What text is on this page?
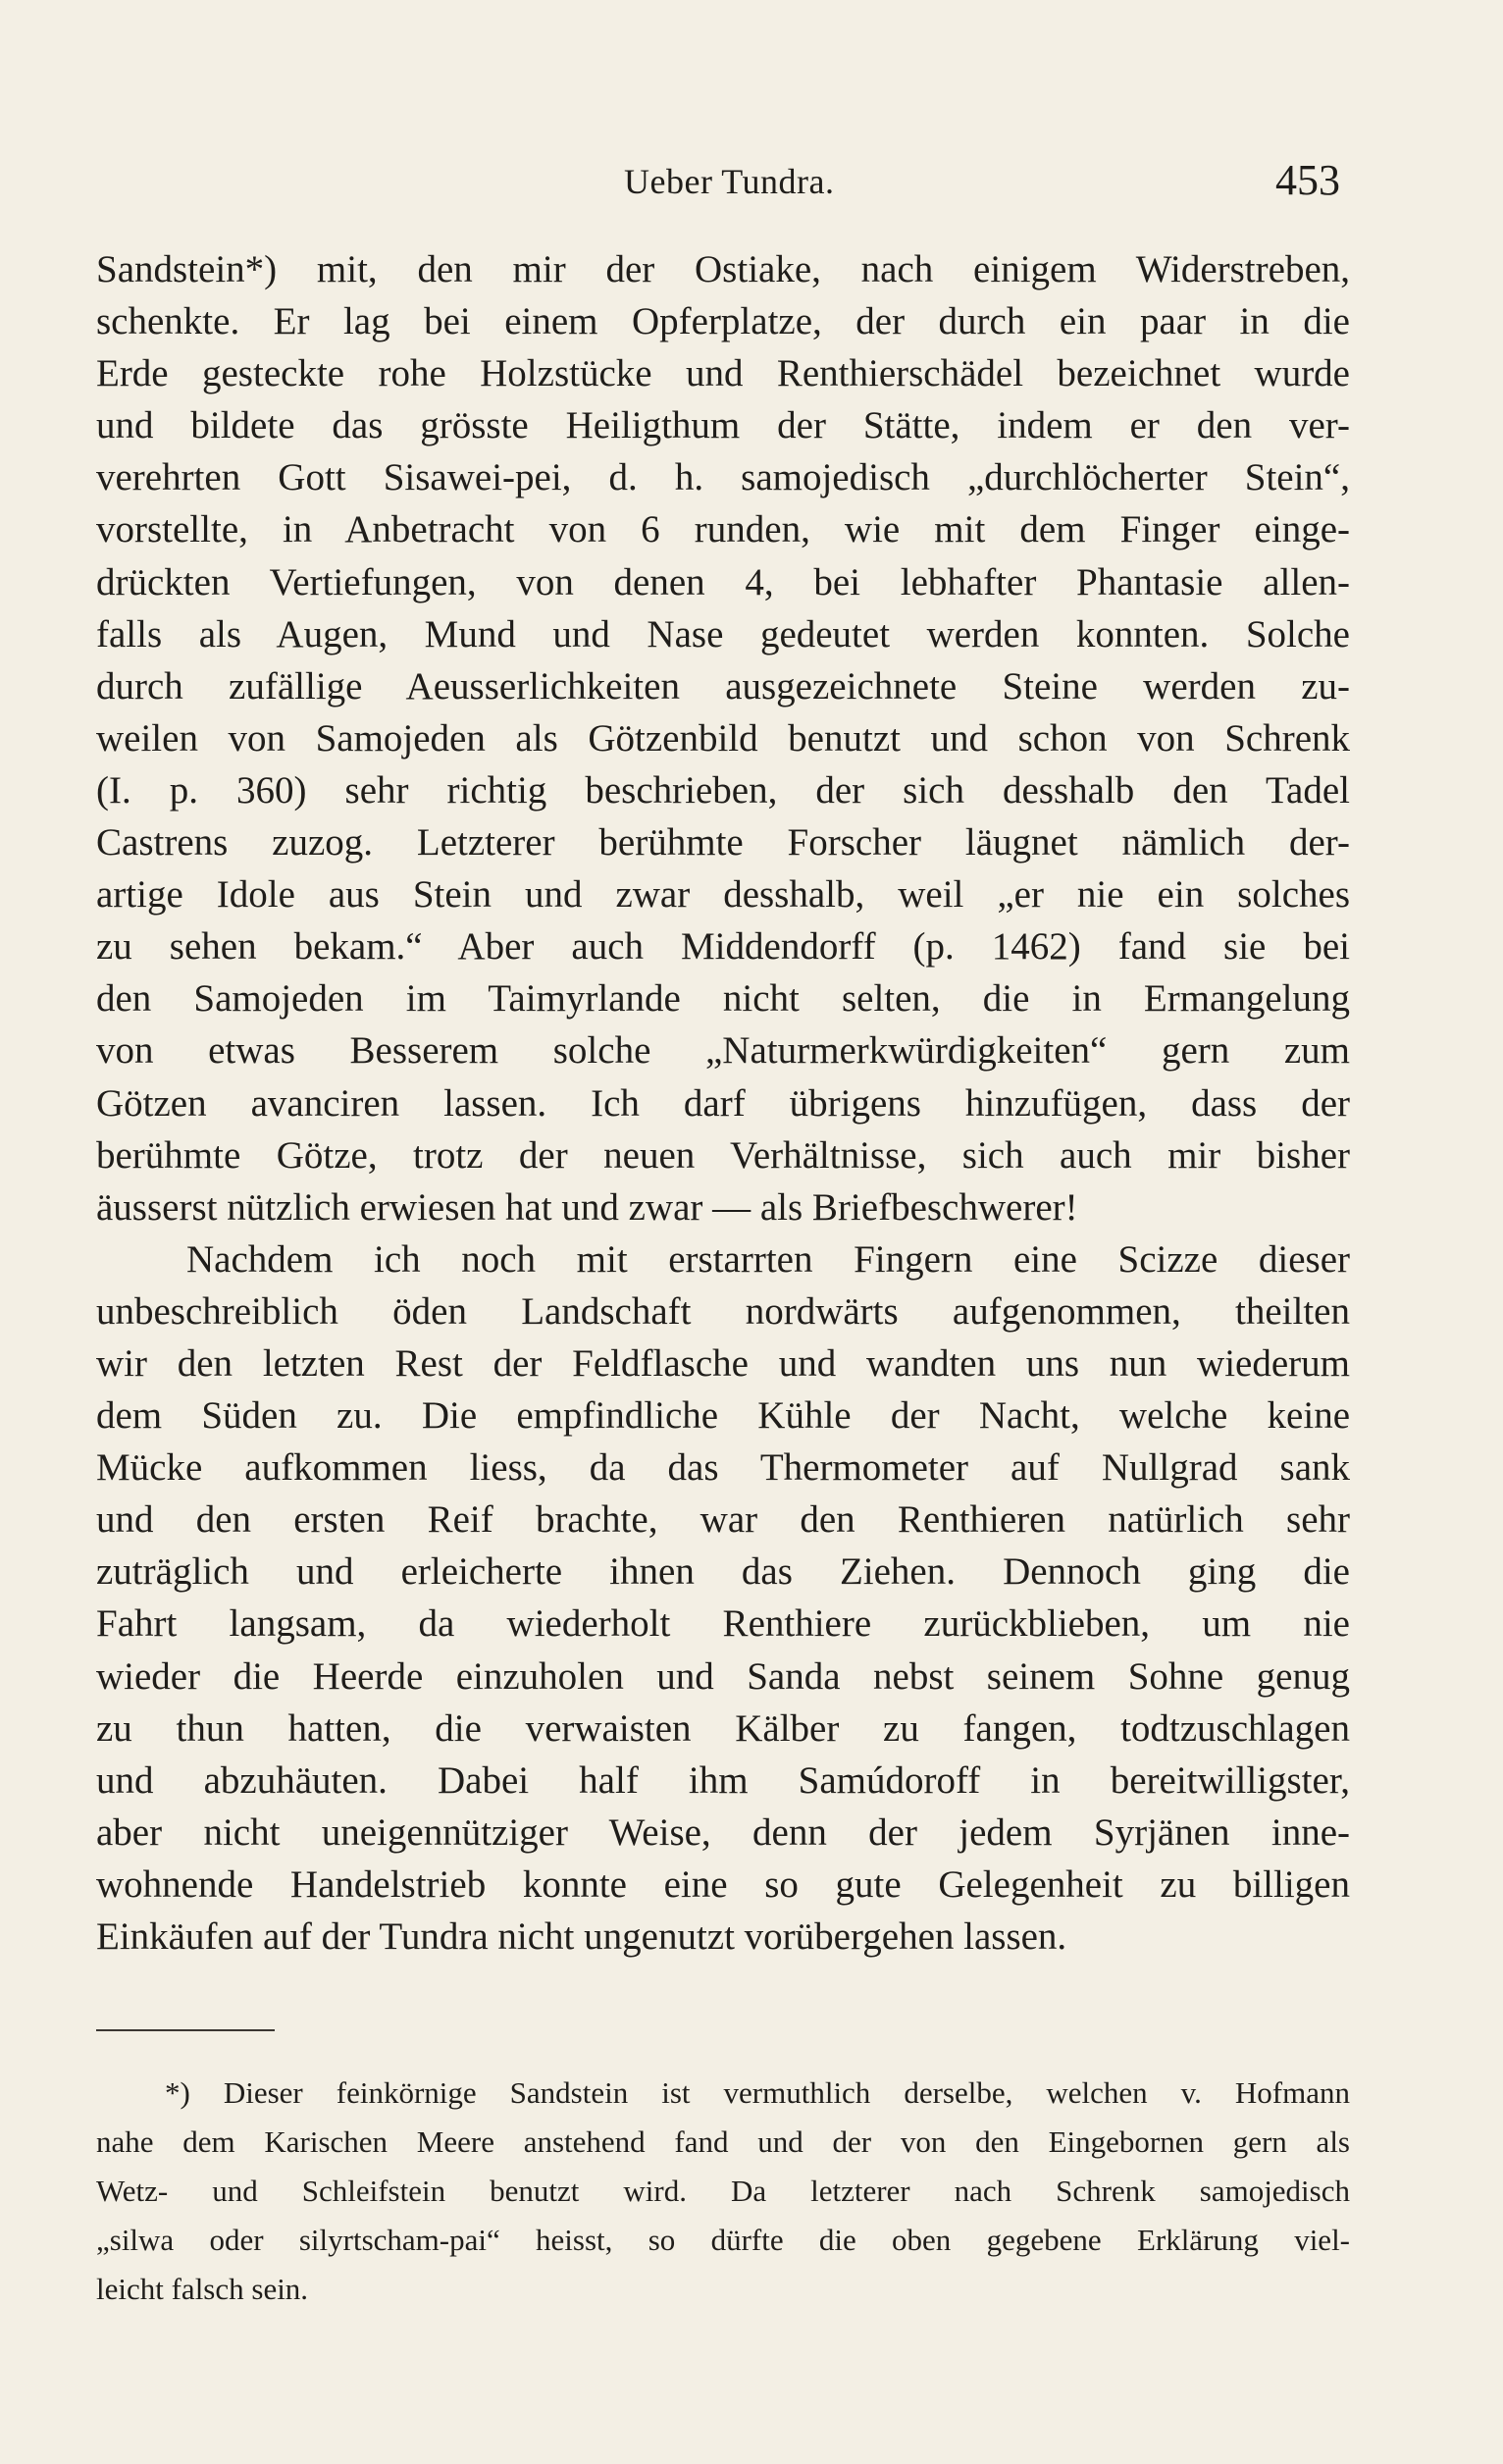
Ueber Tundra.	453
Sandstein*) mit, den mir der Ostiake, nach einigem Widerstreben,
schenkte. Er lag bei einem Opferplatze, der durch ein paar in die
Erde gesteckte rohe Holzstücke und Renthierschädel bezeichnet wurde
und bildete das grösste Heiligthum der Stätte, indem er den ver-
verehrten Gott Sisawei-pei, d. h. samojedisch „durchlöcherter Stein“,
vorstellte, in Anbetracht von 6 runden, wie mit dem Finger einge-
drückten Vertiefungen, von denen 4, bei lebhafter Phantasie allen-
falls als Augen, Mund und Nase gedeutet werden konnten. Solche
durch zufällige Aeusserlichkeiten ausgezeichnete Steine werden zu-
weilen von Samojeden als Götzenbild benutzt und schon von Schrenk
(I. p. 360) sehr richtig beschrieben, der sich desshalb den Tadel
Castrens zuzog. Letzterer berühmte Forscher läugnet nämlich der-
artige Idole aus Stein und zwar desshalb, weil „er nie ein solches
zu sehen bekam.“ Aber auch Middendorff (p. 1462) fand sie bei
den Samojeden im Taimyrlande nicht selten, die in Ermangelung
von etwas Besserem solche „Naturmerkwürdigkeiten“ gern zum
Götzen avanciren lassen. Ich darf übrigens hinzufügen, dass der
berühmte Götze, trotz der neuen Verhältnisse, sich auch mir bisher
äusserst nützlich erwiesen hat und zwar — als Briefbeschwerer!
Nachdem ich noch mit erstarrten Fingern eine Scizze dieser
unbeschreiblich öden Landschaft nordwärts aufgenommen, theilten
wir den letzten Rest der Feldflasche und wandten uns nun wiederum
dem Süden zu. Die empfindliche Kühle der Nacht, welche keine
Mücke aufkommen liess, da das Thermometer auf Nullgrad sank
und den ersten Reif brachte, war den Renthieren natürlich sehr
zuträglich und erleicherte ihnen das Ziehen. Dennoch ging die
Fahrt langsam, da wiederholt Renthiere zurückblieben, um nie
wieder die Heerde einzuholen und Sanda nebst seinem Sohne genug
zu thun hatten, die verwaisten Kälber zu fangen, todtzuschlagen
und abzuhäuten. Dabei half ihm Samúdoroff in bereitwilligster,
aber nicht uneigennütziger Weise, denn der jedem Syrjänen inne-
wohnende Handelstrieb konnte eine so gute Gelegenheit zu billigen
Einkäufen auf der Tundra nicht ungenutzt vorübergehen lassen.
*) Dieser feinkörnige Sandstein ist vermuthlich derselbe, welchen v. Hofmann
nahe dem Karischen Meere anstehend fand und der von den Eingebornen gern als
Wetz- und Schleifstein benutzt wird. Da letzterer nach Schrenk samojedisch
„silwa oder silyrtscham-pai“ heisst, so dürfte die oben gegebene Erklärung viel-
leicht falsch sein.
